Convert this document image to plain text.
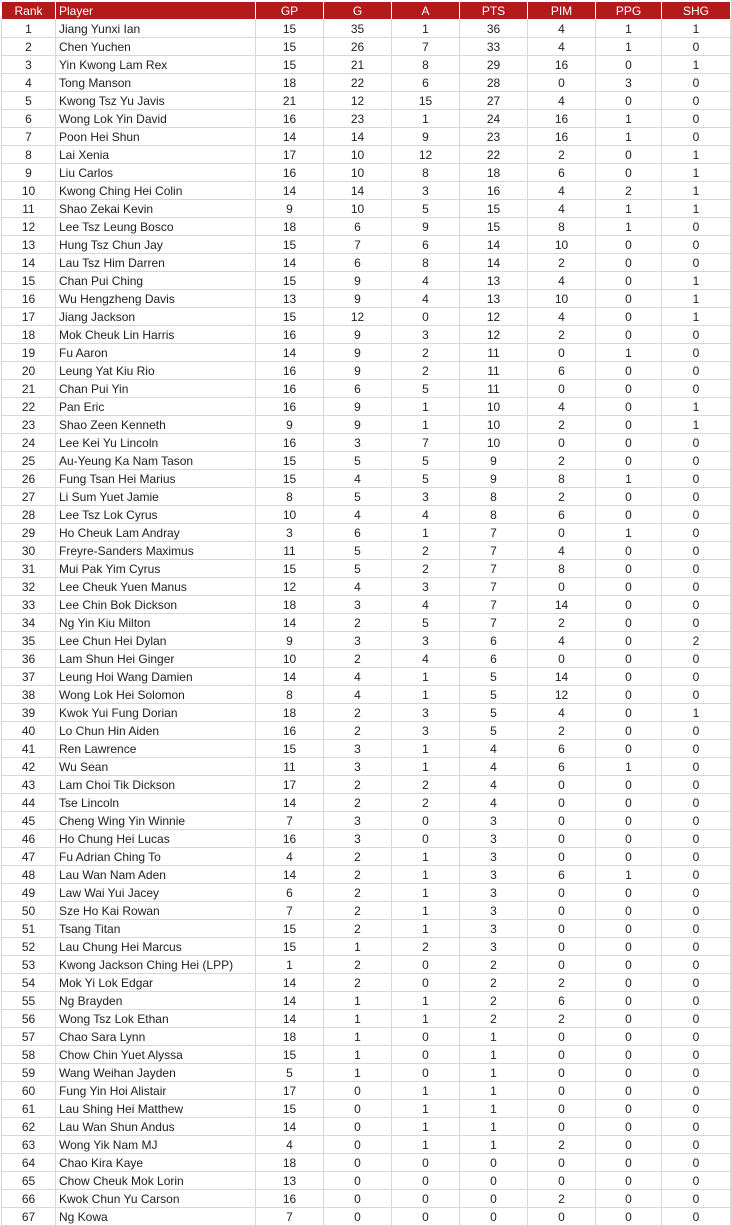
Rank	Player	GP	G	A	PTS	PIM	PPG	SHG
1	Jiang Yunxi Ian	15	35	1	36	4	1	1
2	Chen Yuchen	15	26	7	33	4	1	0
3	Yin Kwong Lam Rex	15	21	8	29	16	0	1
4	Tong Manson	18	22	6	28	0	3	0
5	Kwong Tsz Yu Javis	21	12	15	27	4	0	0
6	Wong Lok Yin David	16	23	1	24	16	1	0
7	Poon Hei Shun	14	14	9	23	16	1	0
8	Lai Xenia	17	10	12	22	2	0	1
9	Liu Carlos	16	10	8	18	6	0	1
10	Kwong Ching Hei Colin	14	14	3	16	4	2	1
11	Shao Zekai Kevin	9	10	5	15	4	1	1
12	Lee Tsz Leung Bosco	18	6	9	15	8	1	0
13	Hung Tsz Chun Jay	15	7	6	14	10	0	0
14	Lau Tsz Him Darren	14	6	8	14	2	0	0
15	Chan Pui Ching	15	9	4	13	4	0	1
16	Wu Hengzheng Davis	13	9	4	13	10	0	1
17	Jiang Jackson	15	12	0	12	4	0	1
18	Mok Cheuk Lin Harris	16	9	3	12	2	0	0
19	Fu Aaron	14	9	2	11	0	1	0
20	Leung Yat Kiu Rio	16	9	2	11	6	0	0
21	Chan Pui Yin	16	6	5	11	0	0	0
22	Pan Eric	16	9	1	10	4	0	1
23	Shao Zeen Kenneth	9	9	1	10	2	0	1
24	Lee Kei Yu Lincoln	16	3	7	10	0	0	0
25	Au-Yeung Ka Nam Tason	15	5	5	9	2	0	0
26	Fung Tsan Hei Marius	15	4	5	9	8	1	0
27	Li Sum Yuet Jamie	8	5	3	8	2	0	0
28	Lee Tsz Lok Cyrus	10	4	4	8	6	0	0
29	Ho Cheuk Lam Andray	3	6	1	7	0	1	0
30	Freyre-Sanders Maximus	11	5	2	7	4	0	0
31	Mui Pak Yim Cyrus	15	5	2	7	8	0	0
32	Lee Cheuk Yuen Manus	12	4	3	7	0	0	0
33	Lee Chin Bok Dickson	18	3	4	7	14	0	0
34	Ng Yin Kiu Milton	14	2	5	7	2	0	0
35	Lee Chun Hei Dylan	9	3	3	6	4	0	2
36	Lam Shun Hei Ginger	10	2	4	6	0	0	0
37	Leung Hoi Wang Damien	14	4	1	5	14	0	0
38	Wong Lok Hei Solomon	8	4	1	5	12	0	0
39	Kwok Yui Fung Dorian	18	2	3	5	4	0	1
40	Lo Chun Hin Aiden	16	2	3	5	2	0	0
41	Ren Lawrence	15	3	1	4	6	0	0
42	Wu Sean	11	3	1	4	6	1	0
43	Lam Choi Tik Dickson	17	2	2	4	0	0	0
44	Tse Lincoln	14	2	2	4	0	0	0
45	Cheng Wing Yin Winnie	7	3	0	3	0	0	0
46	Ho Chung Hei Lucas	16	3	0	3	0	0	0
47	Fu Adrian Ching To	4	2	1	3	0	0	0
48	Lau Wan Nam Aden	14	2	1	3	6	1	0
49	Law Wai Yui Jacey	6	2	1	3	0	0	0
50	Sze Ho Kai Rowan	7	2	1	3	0	0	0
51	Tsang Titan	15	2	1	3	0	0	0
52	Lau Chung Hei Marcus	15	1	2	3	0	0	0
53	Kwong Jackson Ching Hei (LPP)	1	2	0	2	0	0	0
54	Mok Yi Lok Edgar	14	2	0	2	2	0	0
55	Ng Brayden	14	1	1	2	6	0	0
56	Wong Tsz Lok Ethan	14	1	1	2	2	0	0
57	Chao Sara Lynn	18	1	0	1	0	0	0
58	Chow Chin Yuet Alyssa	15	1	0	1	0	0	0
59	Wang Weihan Jayden	5	1	0	1	0	0	0
60	Fung Yin Hoi Alistair	17	0	1	1	0	0	0
61	Lau Shing Hei Matthew	15	0	1	1	0	0	0
62	Lau Wan Shun Andus	14	0	1	1	0	0	0
63	Wong Yik Nam MJ	4	0	1	1	2	0	0
64	Chao Kira Kaye	18	0	0	0	0	0	0
65	Chow Cheuk Mok Lorin	13	0	0	0	0	0	0
66	Kwok Chun Yu Carson	16	0	0	0	2	0	0
67	Ng Kowa	7	0	0	0	0	0	0
